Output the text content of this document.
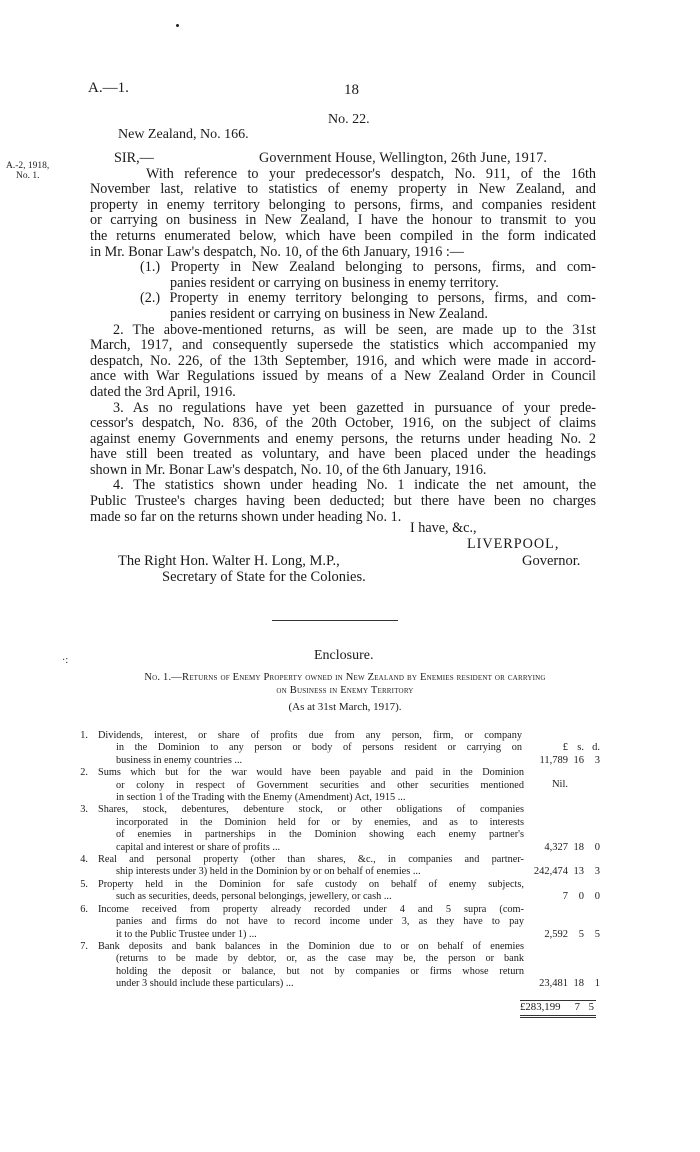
A.—1.	18
No. 22.
New Zealand, No. 166.
A.-2, 1918,
No. 1.
SIR,—	Government House, Wellington, 26th June, 1917.
With reference to your predecessor's despatch, No. 911, of the 16th
November last, relative to statistics of enemy property in New Zealand, and
property in enemy territory belonging to persons, firms, and companies resident
or carrying on business in New Zealand, I have the honour to transmit to you
the returns enumerated below, which have been compiled in the form indicated
in Mr. Bonar Law's despatch, No. 10, of the 6th January, 1916 :—
(1.) Property in New Zealand belonging to persons, firms, and com-
panies resident or carrying on business in enemy territory.
(2.) Property in enemy territory belonging to persons, firms, and com-
panies resident or carrying on business in New Zealand.
2. The above-mentioned returns, as will be seen, are made up to the 31st
March, 1917, and consequently supersede the statistics which accompanied my
despatch, No. 226, of the 13th September, 1916, and which were made in accord-
ance with War Regulations issued by means of a New Zealand Order in Council
dated the 3rd April, 1916.
3. As no regulations have yet been gazetted in pursuance of your prede-
cessor's despatch, No. 836, of the 20th October, 1916, on the subject of claims
against enemy Governments and enemy persons, the returns under heading No. 2
have still been treated as voluntary, and have been placed under the headings
shown in Mr. Bonar Law's despatch, No. 10, of the 6th January, 1916.
4. The statistics shown under heading No. 1 indicate the net amount, the
Public Trustee's charges having been deducted; but there have been no charges
made so far on the returns shown under heading No. 1.
I have, &c.,
LIVERPOOL,
The Right Hon. Walter H. Long, M.P.,
Secretary of State for the Colonies.
Governor.
·:	Enclosure.
No. 1.—Returns of Enemy Property owned in New Zealand by Enemies resident or carrying
on Business in Enemy Territory
(As at 31st March, 1917).
1. Dividends, interest, or share of profits due from any person, firm, or company
in the Dominion to any person or body of persons resident or carrying on
business in enemy countries ...
£ s. d.
11,789 16	3
2. Sums which but for the war would have been payable and paid in the Dominion
or colony in respect of Government securities and other securities mentioned
in section 1 of the Trading with the Enemy (Amendment) Act, 1915 ...
Nil.
3. Shares, stock, debentures, debenture stock, or other obligations of companies
incorporated in the Dominion held for or by enemies, and as to interests
of enemies in partnerships in the Dominion showing each enemy partner's
capital and interest or share of profits ...	4,327 18	0
4. Real and personal property (other than shares, &c., in companies and partner-
ship interests under 3) held in the Dominion by or on behalf of enemies ...	242,474 13	3
5. Property held in the Dominion for safe custody on behalf of enemy subjects,
such as securities, deeds, personal belongings, jewellery, or cash ...	7	0	0
6. Income received from property already recorded under 4 and 5 supra (com-
panies and firms do not have to record income under 3, as they have to pay
it to the Public Trustee under 1) ...	2,592	5	5
7. Bank deposits and bank balances in the Dominion due to or on behalf of enemies
(returns to be made by debtor, or, as the case may be, the person or bank
holding the deposit or balance, but not by companies or firms whose return
under 3 should include these particulars) ...	23,481 18	1
£283,199	7 5
